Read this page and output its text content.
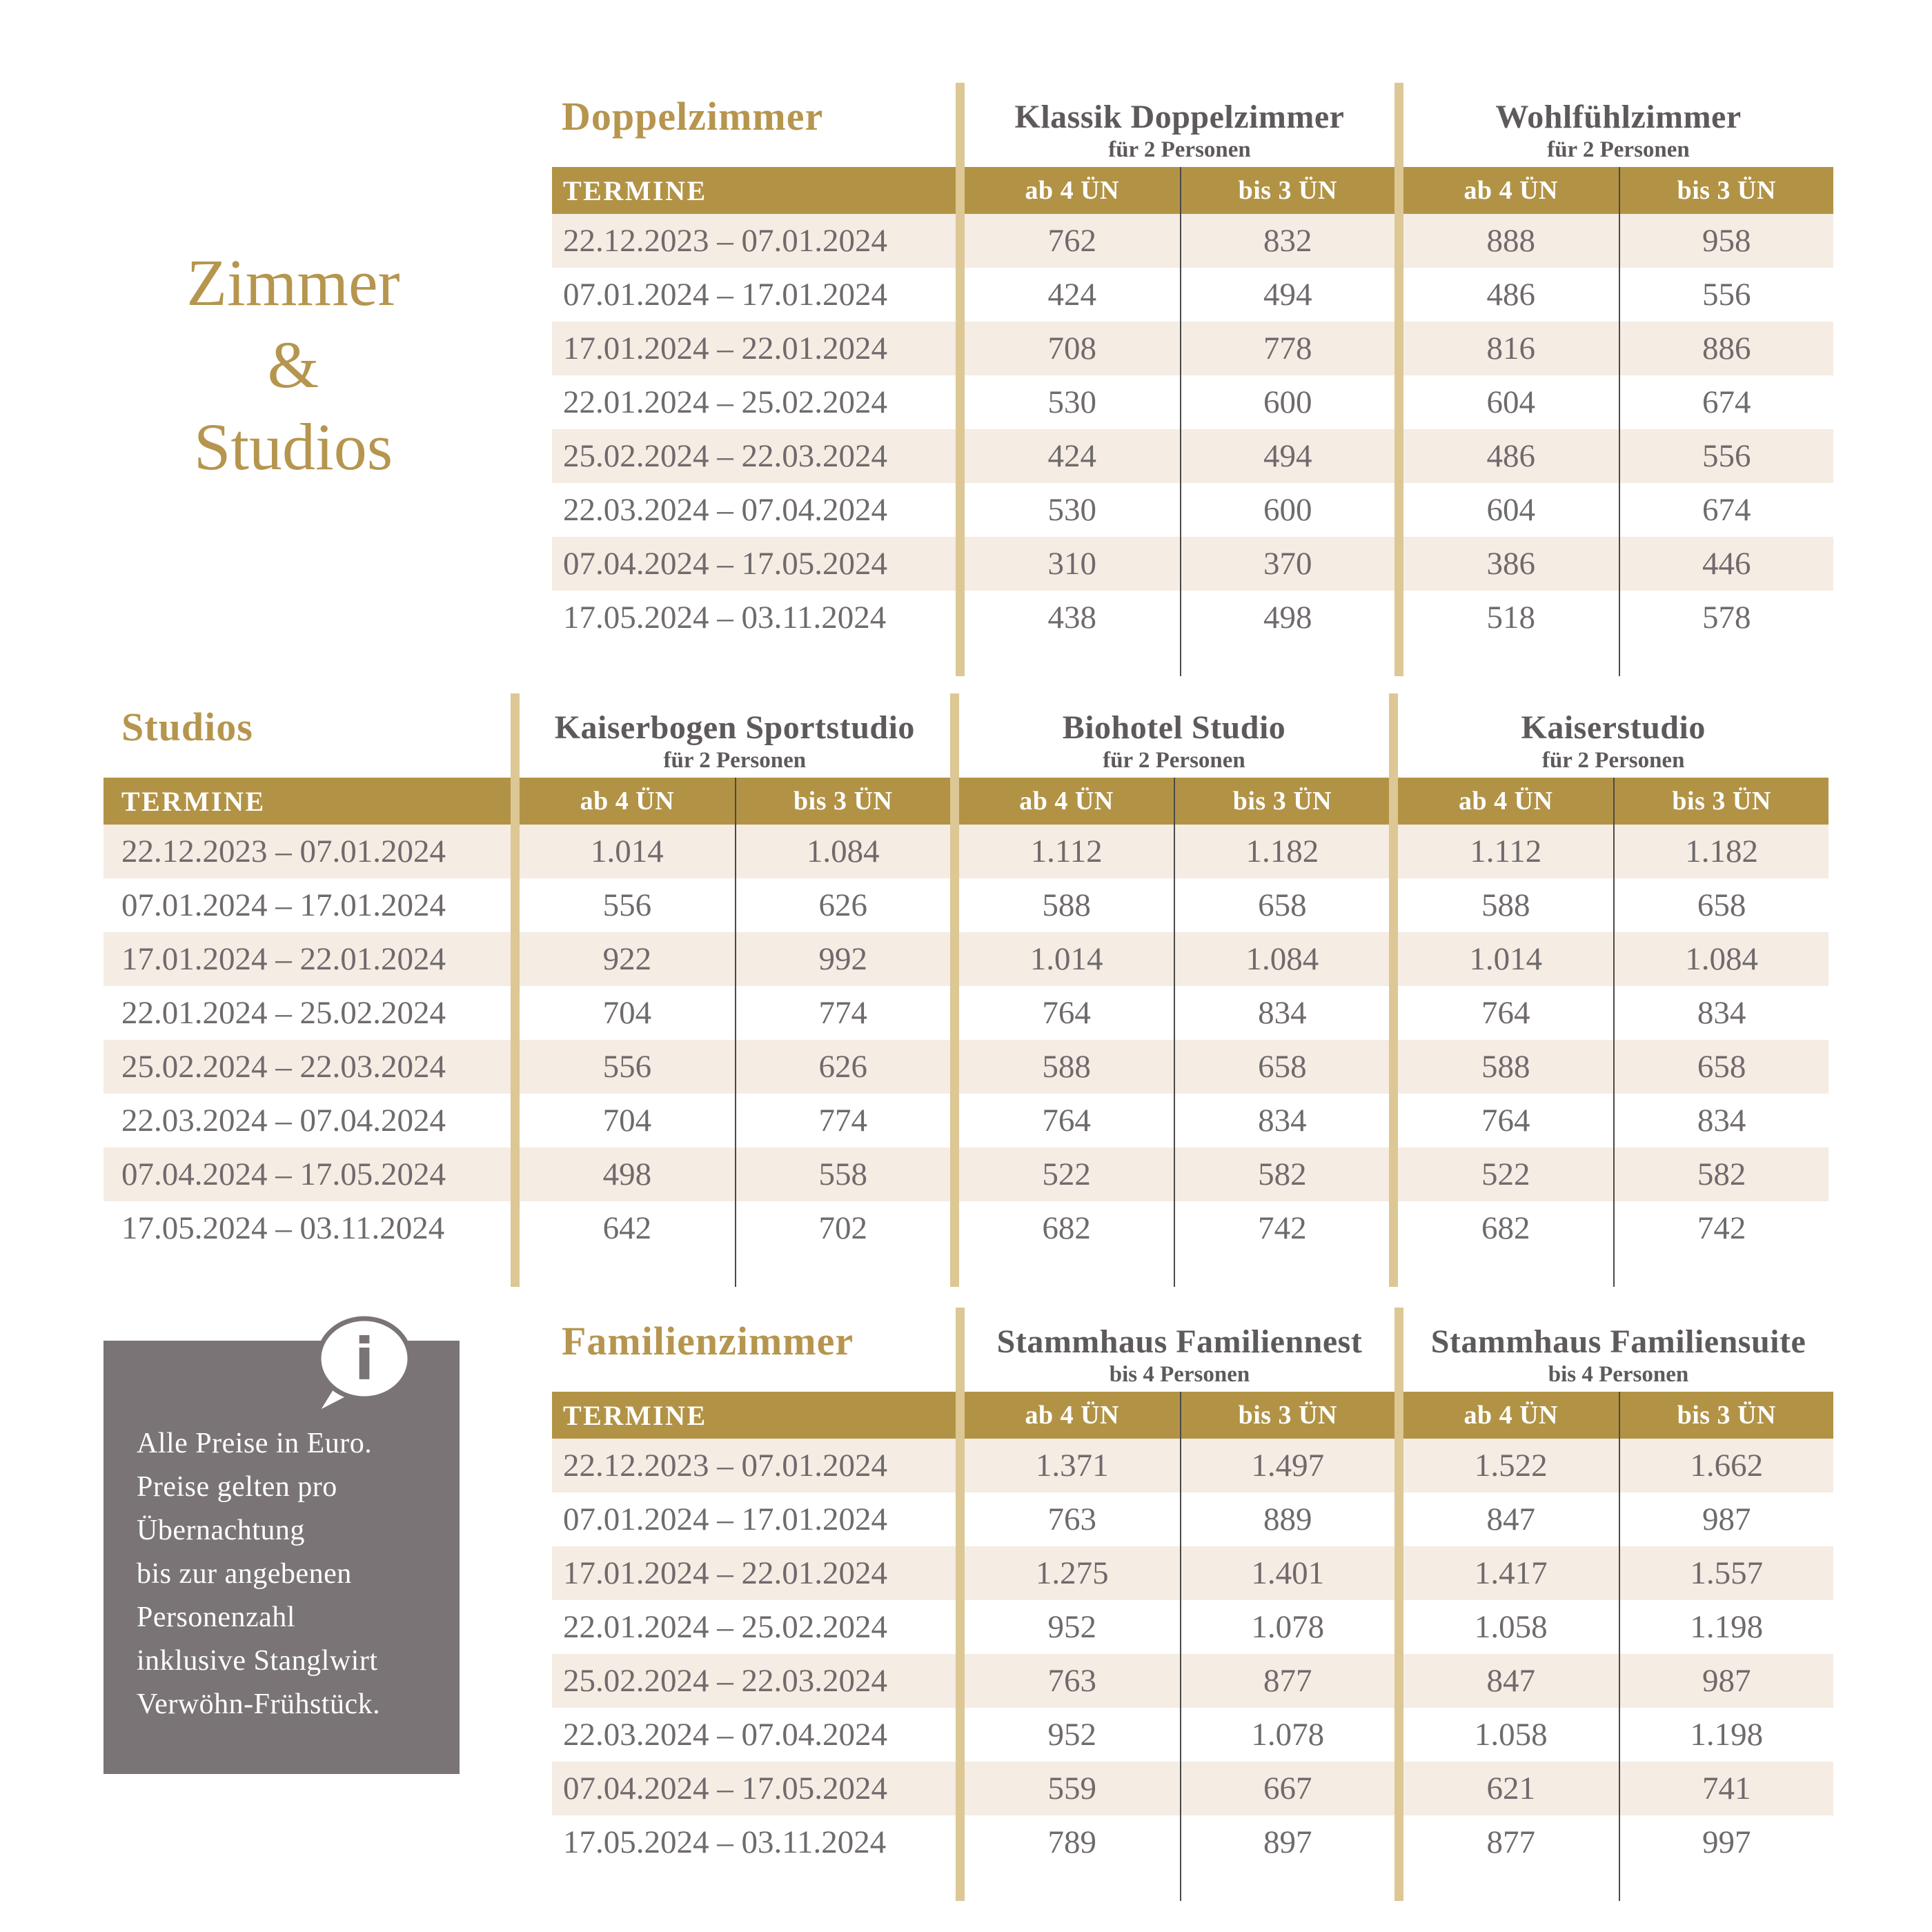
Zimmer
&
Studios
Doppelzimmer	Klassik Doppelzimmer
für 2 Personen
Wohlfühlzimmer
für 2 Personen
TERMINE	ab 4 ÜN	bis 3 ÜN	ab 4 ÜN	bis 3 ÜN
22.12.2023 – 07.01.2024	762	832	888	958
07.01.2024 – 17.01.2024	424	494	486	556
17.01.2024 – 22.01.2024	708	778	816	886
22.01.2024 – 25.02.2024	530	600	604	674
25.02.2024 – 22.03.2024	424	494	486	556
22.03.2024 – 07.04.2024	530	600	604	674
07.04.2024 – 17.05.2024	310	370	386	446
17.05.2024 – 03.11.2024	438	498	518	578
Studios	Kaiserbogen Sportstudio
für 2 Personen
Biohotel Studio
für 2 Personen
Kaiserstudio
für 2 Personen
TERMINE	ab 4 ÜN	bis 3 ÜN	ab 4 ÜN	bis 3 ÜN	ab 4 ÜN	bis 3 ÜN
22.12.2023 – 07.01.2024	1.014	1.084	1.112	1.182	1.112	1.182
07.01.2024 – 17.01.2024	556	626	588	658	588	658
17.01.2024 – 22.01.2024	922	992	1.014	1.084	1.014	1.084
22.01.2024 – 25.02.2024	704	774	764	834	764	834
25.02.2024 – 22.03.2024	556	626	588	658	588	658
22.03.2024 – 07.04.2024	704	774	764	834	764	834
07.04.2024 – 17.05.2024	498	558	522	582	522	582
17.05.2024 – 03.11.2024	642	702	682	742	682	742
Familienzimmer	Stammhaus Familiennest
bis 4 Personen
Stammhaus Familiensuite
bis 4 Personen
TERMINE	ab 4 ÜN	bis 3 ÜN	ab 4 ÜN	bis 3 ÜN
22.12.2023 – 07.01.2024	1.371	1.497	1.522	1.662
07.01.2024 – 17.01.2024	763	889	847	987
17.01.2024 – 22.01.2024	1.275	1.401	1.417	1.557
22.01.2024 – 25.02.2024	952	1.078	1.058	1.198
25.02.2024 – 22.03.2024	763	877	847	987
22.03.2024 – 07.04.2024	952	1.078	1.058	1.198
07.04.2024 – 17.05.2024	559	667	621	741
17.05.2024 – 03.11.2024	789	897	877	997
i
Alle Preise in Euro.
Preise gelten pro
Übernachtung
bis zur angebenen
Personenzahl
inklusive Stanglwirt
Verwöhn-Frühstück.
